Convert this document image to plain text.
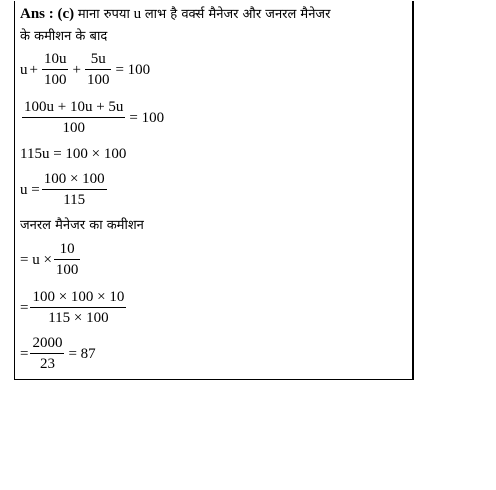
Ans : (c) माना रुपया u लाभ है वर्क्स मैनेजर और जनरल मैनेजर
के कमीशन के बाद
$u + \frac{10u}{100} + \frac{5u}{100} = 100$
$\frac{100u + 10u + 5u}{100} = 100$
115u = 100 × 100
$u = \frac{100 \times 100}{115}$
जनरल मैनेजर का कमीशन
= $u \times \frac{10}{100}$
= $\frac{100 \times 100 \times 10}{115 \times 100}$
= $\frac{2000}{23} = 87$
